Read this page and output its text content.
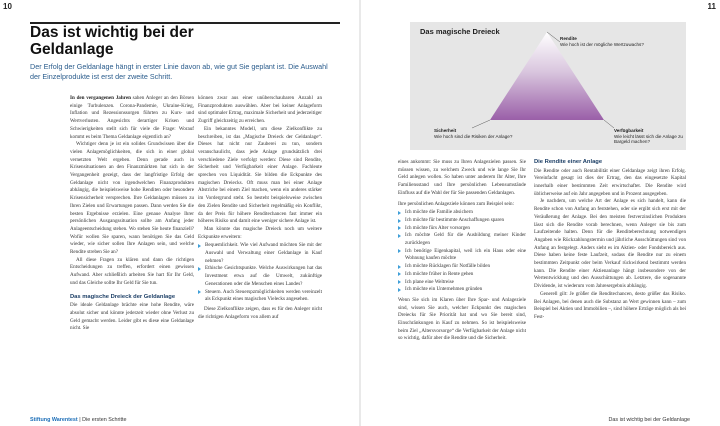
10	11
Das ist wichtig bei der
Geldanlage

Der Erfolg der Geldanlage hängt in erster Linie davon ab, wie gut Sie geplant ist. Die Auswahl der Einzelprodukte ist erst der zweite Schritt.

In den vergangenen Jahren sahen Anleger an den Börsen einige Turbulenzen. Corona-Pandemie, Ukraine-Krieg, Inflation und Rezessionssorgen führten zu Kurs- und Wertverlusten. Angesichts derartiger Krisen und Schwierigkeiten stellt sich für viele die Frage: Worauf kommt es beim Thema Geldanlage eigentlich an?

Wichtiger denn je ist ein solides Grundwissen über die vielen Anlagemöglichkeiten, die sich in einer global vernetzten Welt ergeben. Denn gerade auch in Krisensituationen an den Finanzmärkten hat sich in der Vergangenheit gezeigt, dass der langfristige Erfolg der Geldanlage nicht von irgendwelchen Finanzprodukten abhängig, die beispielsweise hohe Renditen oder besondere Krisensicherheit versprechen. Ihre Geldanlagen müssen zu Ihren Zielen und Erwartungen passen. Dann werden Sie die besten Ergebnisse erzielen. Eine genaue Analyse Ihrer persönlichen Ausgangssituation sollte am Anfang jeder Anlageentscheidung stehen. Wo stehen Sie heute finanziell? Wofür wollen Sie sparen, wann benötigen Sie das Geld wieder, wie sicher sollen Ihre Anlagen sein, und welche Rendite streben Sie an?

All diese Fragen zu klären und dann die richtigen Entscheidungen zu treffen, erfordert einen gewissen Aufwand. Aber schließlich arbeiten Sie hart für Ihr Geld, und das Gleiche sollte Ihr Geld für Sie tun.

Das magische Dreieck der Geldanlage

Die ideale Geldanlage brächte eine hohe Rendite, wäre absolut sicher und könnte jederzeit wieder ohne Verlust zu Geld gemacht werden. Leider gibt es diese eine Geldanlage nicht. Sie

können zwar aus einer unüberschaubaren Anzahl an Finanzprodukten auswählen. Aber bei keiner Anlageform sind optimaler Ertrag, maximale Sicherheit und jederzeitiger Zugriff gleichzeitig zu erreichen.

Ein bekanntes Modell, um diese Zielkonflikte zu beschreiben, ist das „Magische Dreieck der Geldanlage“. Dieses hat nicht nur Zauberei zu tun, sondern veranschaulicht, dass jede Anlage grundsätzlich drei verschiedene Ziele verfolgt werden: Diese sind Rendite, Sicherheit und Verfügbarkeit einer Anlage. Fachleute sprechen von Liquidität. Sie bilden die Eckpunkte des magischen Dreiecks. Oft muss man bei einer Anlage Abstriche bei einem Ziel machen, wenn ein anderes stärker im Vordergrund steht. So besteht beispielsweise zwischen den Zielen Rendite und Sicherheit regelmäßig ein Konflikt, da der Preis für höhere Renditechancen fast immer ein höheres Risiko und damit eine weniger sichere Anlage ist.

Man könnte das magische Dreieck noch um weitere Eckpunkte erweitern:

Bequemlichkeit. Wie viel Aufwand möchten Sie mit der Auswahl und Verwaltung einer Geldanlage in Kauf nehmen?
Ethische Gesichtspunkte. Welche Auswirkungen hat das Investment etwa auf die Umwelt, zukünftige Generationen oder die Menschen eines Landes?
Steuern. Auch Steuerspzmöglichkeiten werden vereinzelt als Eckpunkt eines magischen Vielecks angesehen.

Diese Zielkonflikte zeigen, dass es für den Anleger nicht die richtigen Anlageform von allem auf

Das magische Dreieck
Rendite
Wie hoch ist der mögliche Wertzuwachs?
Sicherheit
Wie hoch sind die Risiken der Anlage?
Verfügbarkeit
Wie leicht lässt sich die Anlage zu Bargeld machen?

eines ankommt: Sie muss zu Ihren Anlagezielen passen. Sie müssen wissen, zu welchem Zweck und wie lange Sie Ihr Geld anlegen wollen. So haben unter anderem Ihr Alter, Ihre Familiensstand und Ihre persönlichen Lebensumstände Einfluss auf die Wahl der für Sie passenden Geldanlagen.

Ihre persönlichen Anlageziele können zum Beispiel sein:

Ich möchte die Familie absichern
Ich möchte für bestimmte Anschaffungen sparen
Ich möchte fürs Alter vorsorgen
Ich möchte Geld für die Ausbildung meiner Kinder zurücklegen
Ich benötige Eigenkapital, weil ich ein Haus oder eine Wohnung kaufen möchte
Ich möchte Rücklagen für Notfälle bilden
Ich möchte früher in Rente gehen
Ich plane eine Weltreise
Ich möchte ein Unternehmen gründen

Wenn Sie sich im Klaren über Ihre Spar- und Anlageziele sind, wissen Sie auch, welcher Eckpunkt des magischen Dreiecks für Sie Priorität hat und wo Sie bereit sind, Einschränkungen in Kauf zu nehmen. So ist beispielsweise beim Ziel „Altersvorsorge“ die Verfügbarkeit der Anlage nicht so wichtig, dafür aber die Rendite und die Sicherheit.

Die Rendite einer Anlage

Die Rendite oder auch Rentabilität einer Geldanlage zeigt ihren Erfolg. Vereinfacht gesagt ist dies der Ertrag, den das eingesetzte Kapital innerhalb einer bestimmten Zeit erwirtschaftet. Die Rendite wird üblicherweise auf ein Jahr angegeben und in Prozent ausgegeben.

Je nachdem, um welche Art der Anlage es sich handelt, kann die Rendite schon von Anfang an feststehen, oder sie ergibt sich erst mit der Veräußerung der Anlage. Bei den meisten festverzinslichen Produkten lässt sich die Rendite vorab berechnen, wenn Anleger sie bis zum Laufzeitende halten. Denn für die Renditeberechnung notwendigen Angaben wie Rückzahlungstermin und jährliche Ausschüttungen sind von Anfang an festgelegt. Anders sieht es im Aktien- oder Fondsbereich aus. Diese haben keine feste Laufzeit, sodass die Rendite nur zu einem bestimmten Zeitpunkt oder beim Verkauf rückwirkend bestimmt werden kann. Die Rendite einer Aktienanlage hängt insbesondere von der Wertentwicklung und den Ausschüttungen ab. Letztere, die sogenannte Dividende, ist wiederum vom Jahresergebnis abhängig.

Generell gilt: Je größer die Renditechancen, desto größer das Risiko. Bei Anlagen, bei denen auch die Substanz an Wert gewinnen kann – zum Beispiel bei Aktien und Immobilien –, sind höhere Erträge möglich als bei Fest-

Stiftung Warentest | Die ersten Schritte	Das ist wichtig bei der Geldanlage
